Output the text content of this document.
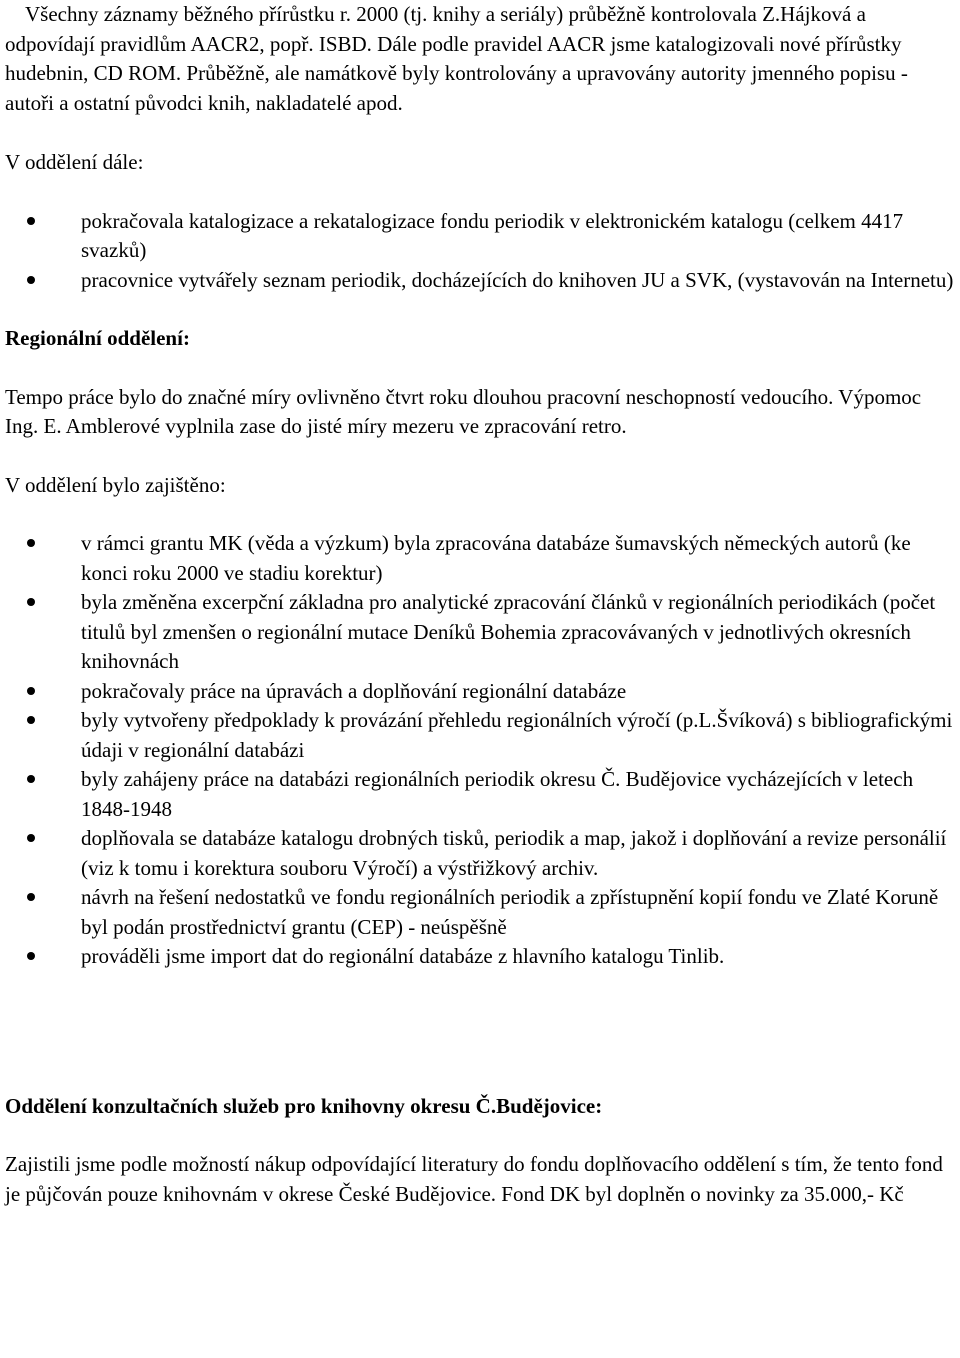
Všechny záznamy běžného přírůstku r. 2000 (tj. knihy a seriály) průběžně kontrolovala Z.Hájková a odpovídají pravidlům AACR2, popř. ISBD. Dále podle pravidel AACR jsme katalogizovali nové přírůstky hudebnin, CD ROM. Průběžně, ale namátkově byly kontrolovány a upravovány autority jmenného popisu - autoři a ostatní původci knih, nakladatelé apod.

V oddělení dále:

pokračovala katalogizace a rekatalogizace fondu periodik v elektronickém katalogu (celkem 4417 svazků)
pracovnice vytvářely seznam periodik, docházejících do knihoven JU a SVK, (vystavován na Internetu)

Regionální oddělení:

Tempo práce bylo do značné míry ovlivněno čtvrt roku dlouhou pracovní neschopností vedoucího. Výpomoc Ing. E. Amblerové vyplnila zase do jisté míry mezeru ve zpracování retro.

V oddělení bylo zajištěno:

v rámci grantu MK (věda a výzkum) byla zpracována databáze šumavských německých autorů (ke konci roku 2000 ve stadiu korektur)
byla změněna excerpční základna pro analytické zpracování článků v regionálních periodikách (počet titulů byl zmenšen o regionální mutace Deníků Bohemia zpracovávaných v jednotlivých okresních knihovnách
pokračovaly práce na úpravách a doplňování regionální databáze
byly vytvořeny předpoklady k provázání přehledu regionálních výročí (p.L.Švíková) s bibliografickými údaji v regionální databázi
byly zahájeny práce na databázi regionálních periodik okresu Č. Budějovice vycházejících v letech 1848-1948
doplňovala se databáze katalogu drobných tisků, periodik a map, jakož i doplňování a revize personálií (viz k tomu i korektura souboru Výročí) a výstřižkový archiv.
návrh na řešení nedostatků ve fondu regionálních periodik a zpřístupnění kopií fondu ve Zlaté Koruně byl podán prostřednictví grantu (CEP) - neúspěšně
prováděli jsme import dat do regionální databáze z hlavního katalogu Tinlib.

Oddělení konzultačních služeb pro knihovny okresu Č.Budějovice:

Zajistili jsme podle možností nákup odpovídající literatury do fondu doplňovacího oddělení s tím, že tento fond je půjčován pouze knihovnám v okrese České Budějovice. Fond DK byl doplněn o novinky za 35.000,- Kč
